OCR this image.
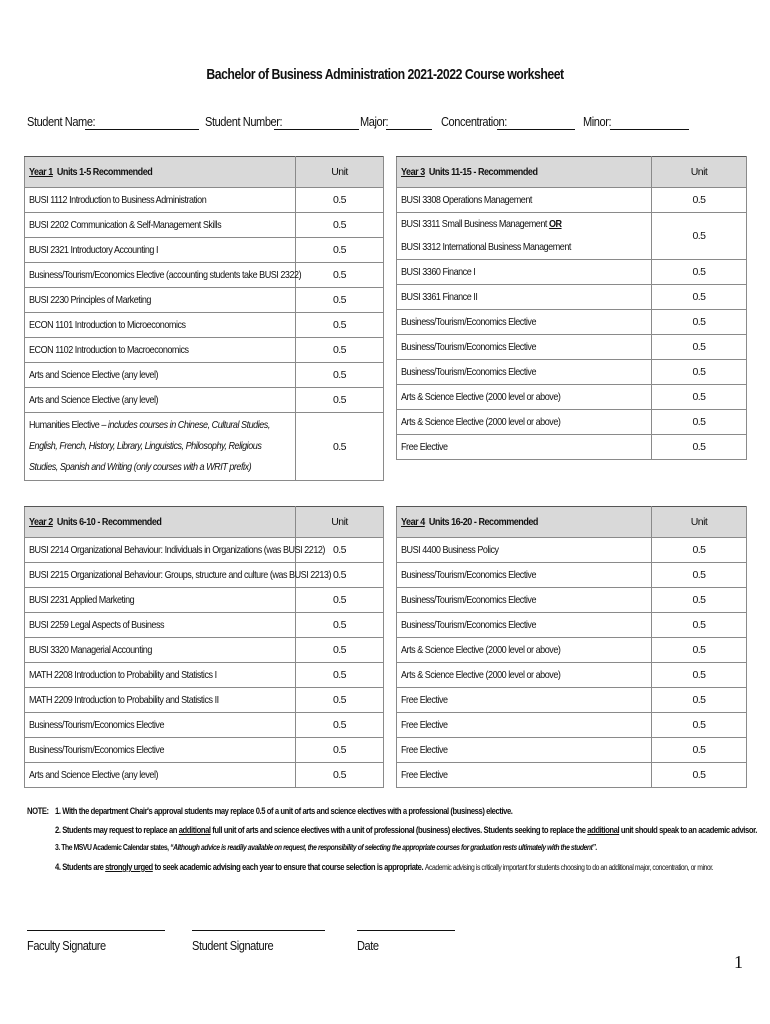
Bachelor of Business Administration 2021-2022 Course worksheet
Student Name:	Student Number:	Major:	Concentration:	Minor:
Year 1 Units 1-5 Recommended	Unit
BUSI 1112 Introduction to Business Administration	0.5
BUSI 2202 Communication & Self-Management Skills	0.5
BUSI 2321 Introductory Accounting I	0.5
Business/Tourism/Economics Elective (accounting students take BUSI 2322)	0.5
BUSI 2230 Principles of Marketing	0.5
ECON 1101 Introduction to Microeconomics	0.5
ECON 1102 Introduction to Macroeconomics	0.5
Arts and Science Elective (any level)	0.5
Arts and Science Elective (any level)	0.5

Humanities Elective – includes courses in Chinese, Cultural Studies, English, French, History, Library, Linguistics, Philosophy, Religious Studies, Spanish and Writing (only courses with a WRIT prefix)	0.5
Year 3 Units 11-15 - Recommended	Unit
BUSI 3308 Operations Management	0.5
BUSI 3311 Small Business Management OR
BUSI 3312 International Business Management	0.5
BUSI 3360 Finance I	0.5
BUSI 3361 Finance II	0.5
Business/Tourism/Economics Elective	0.5
Business/Tourism/Economics Elective	0.5
Business/Tourism/Economics Elective	0.5
Arts & Science Elective (2000 level or above)	0.5
Arts & Science Elective (2000 level or above)	0.5
Free Elective	0.5
Year 2 Units 6-10 - Recommended	Unit
BUSI 2214 Organizational Behaviour: Individuals in Organizations (was BUSI 2212)	0.5
BUSI 2215 Organizational Behaviour: Groups, structure and culture (was BUSI 2213)	0.5
BUSI 2231 Applied Marketing	0.5
BUSI 2259 Legal Aspects of Business	0.5
BUSI 3320 Managerial Accounting	0.5
MATH 2208 Introduction to Probability and Statistics I	0.5
MATH 2209 Introduction to Probability and Statistics II	0.5
Business/Tourism/Economics Elective	0.5
Business/Tourism/Economics Elective	0.5
Arts and Science Elective (any level)	0.5
Year 4 Units 16-20 - Recommended	Unit
BUSI 4400 Business Policy	0.5
Business/Tourism/Economics Elective	0.5
Business/Tourism/Economics Elective	0.5
Business/Tourism/Economics Elective	0.5
Arts & Science Elective (2000 level or above)	0.5
Arts & Science Elective (2000 level or above)	0.5
Free Elective	0.5
Free Elective	0.5
Free Elective	0.5
Free Elective	0.5
NOTE: 1. With the department Chair's approval students may replace 0.5 of a unit of arts and science electives with a professional (business) elective.
2. Students may request to replace an additional full unit of arts and science electives with a unit of professional (business) electives. Students seeking to replace the additional unit should speak to an academic advisor.
3. The MSVU Academic Calendar states, “Although advice is readily available on request, the responsibility of selecting the appropriate courses for graduation rests ultimately with the student”.
4. Students are strongly urged to seek academic advising each year to ensure that course selection is appropriate. Academic advising is critically important for students choosing to do an additional major, concentration, or minor.
Faculty Signature	Student Signature	Date
1
